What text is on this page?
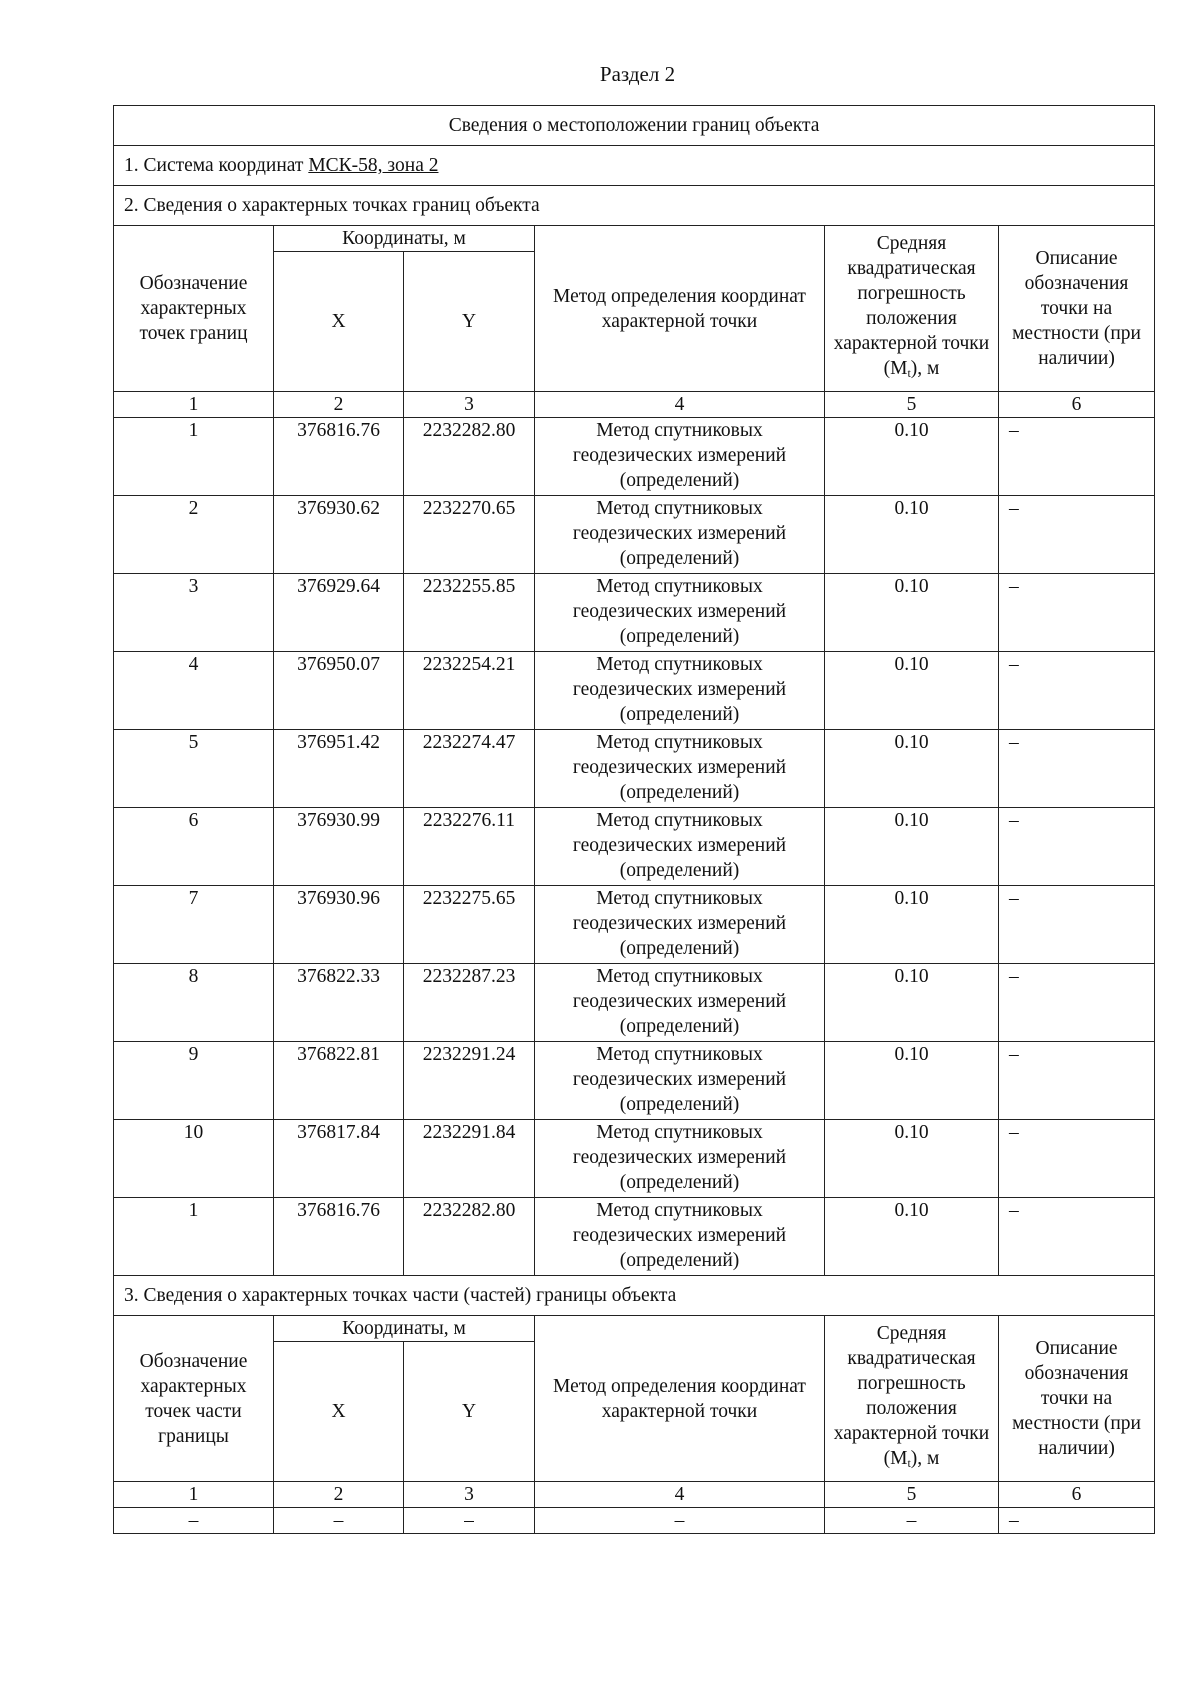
Раздел 2
Сведения о местоположении границ объекта					
1. Система координат МСК-58, зона 2					
2. Сведения о характерных точках границ объекта					
Обозначение характерных точек границ	Координаты, м		Метод определения координат характерной точки	Средняя квадратическая погрешность положения характерной точки $(M_t)$, м	Описание обозначения точки на местности (при наличии)
	X	Y			
1	2	3	4	5	6
1	376816.76	2232282.80	Метод спутниковых геодезических измерений (определений)	0.10	–
2	376930.62	2232270.65	Метод спутниковых геодезических измерений (определений)	0.10	–
3	376929.64	2232255.85	Метод спутниковых геодезических измерений (определений)	0.10	–
4	376950.07	2232254.21	Метод спутниковых геодезических измерений (определений)	0.10	–
5	376951.42	2232274.47	Метод спутниковых геодезических измерений (определений)	0.10	–
6	376930.99	2232276.11	Метод спутниковых геодезических измерений (определений)	0.10	–
7	376930.96	2232275.65	Метод спутниковых геодезических измерений (определений)	0.10	–
8	376822.33	2232287.23	Метод спутниковых геодезических измерений (определений)	0.10	–
9	376822.81	2232291.24	Метод спутниковых геодезических измерений (определений)	0.10	–
10	376817.84	2232291.84	Метод спутниковых геодезических измерений (определений)	0.10	–
1	376816.76	2232282.80	Метод спутниковых геодезических измерений (определений)	0.10	–
3. Сведения о характерных точках части (частей) границы объекта					
Обозначение характерных точек части границы	Координаты, м		Метод определения координат характерной точки	Средняя квадратическая погрешность положения характерной точки $(M_t)$, м	Описание обозначения точки на местности (при наличии)
	X	Y			
1	2	3	4	5	6
–	–	–	–	–	–
